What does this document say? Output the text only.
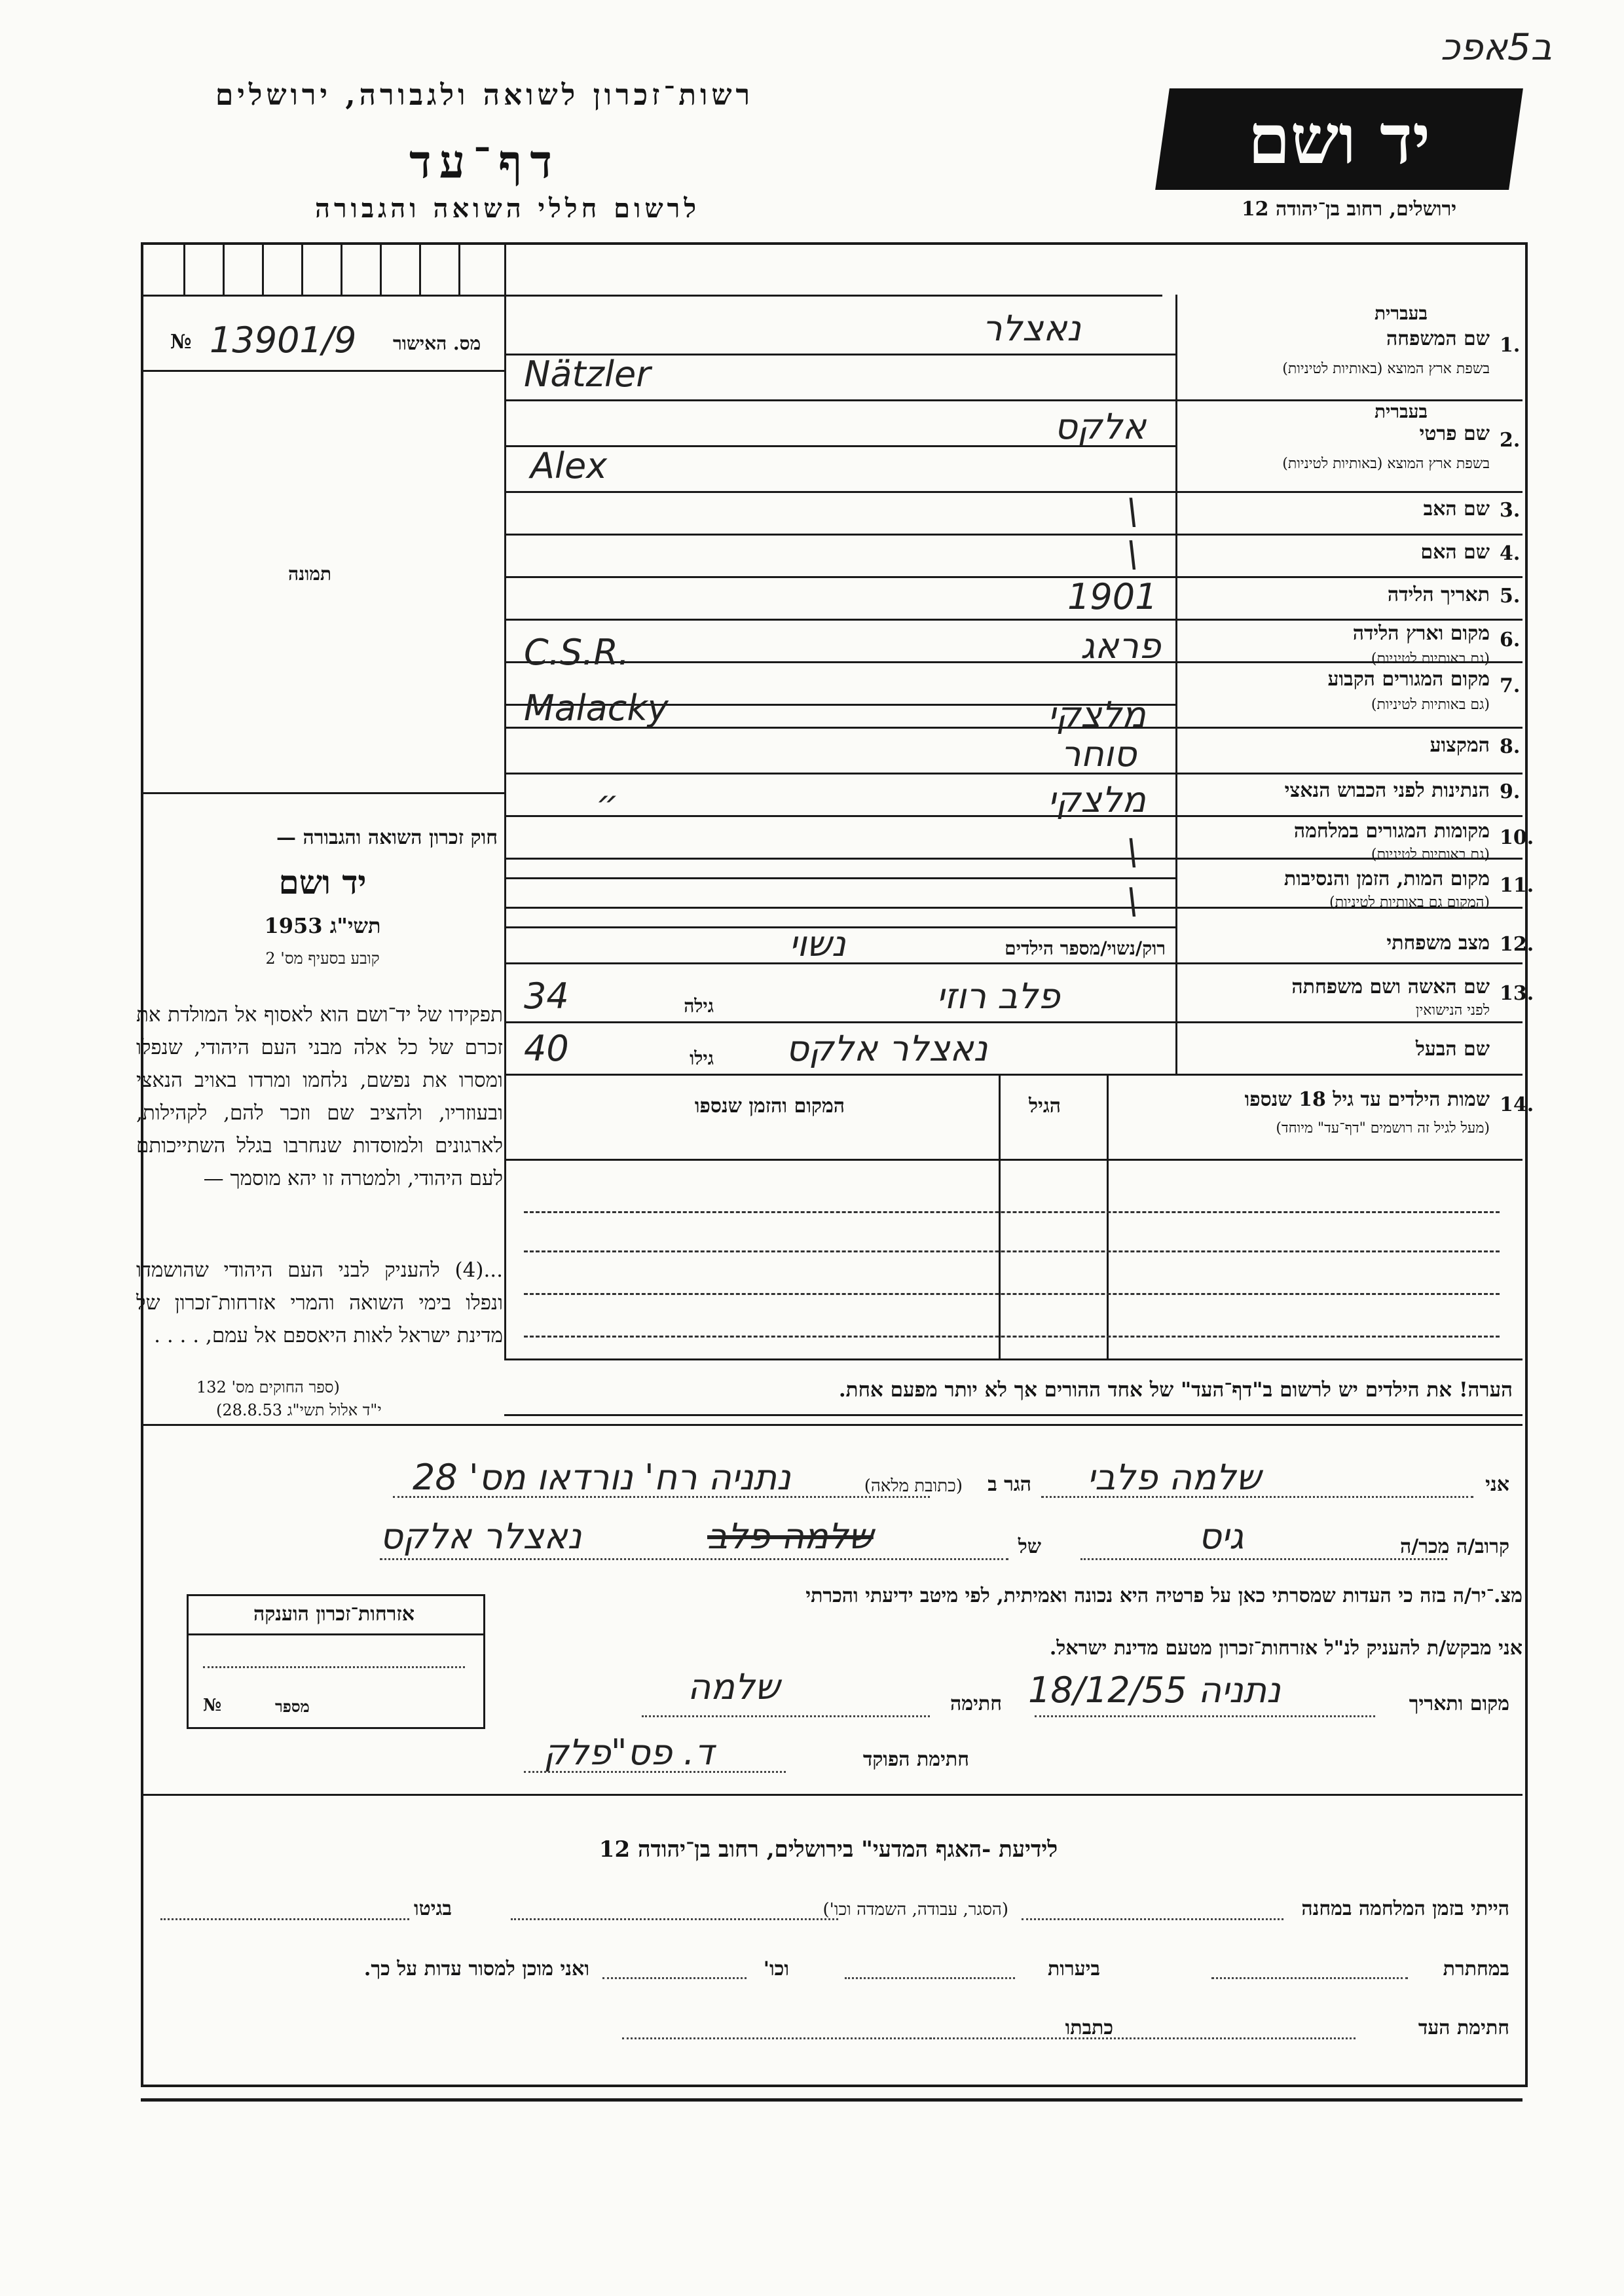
ב5אפכ
רשות־זכרון לשואה ולגבורה, ירושלים
דף־עד
לרשום חללי השואה והגבורה
יד ושם
ירושלים, רחוב בן־יהודה 12
№ 13901/9 מס. האישור
תמונה
חוק זכרון השואה והגבורה —
יד ושם
תשי"ג 1953
קובע בסעיף מס' 2
תפקידו של יד־ושם הוא לאסוף אל המולדת את זכרם של כל אלה מבני העם היהודי, שנפלו ומסרו את נפשם, נלחמו ומרדו באויב הנאצי ובעוזריו, ולהציב שם וזכר להם, לקהילות, לארגונים ולמוסדות שנחרבו בגלל השתייכותם לעם היהודי, ולמטרה זו יהא מוסמך —
...(4) להעניק לבני העם היהודי שהושמדו ונפלו בימי השואה והמרי אזרחות־זכרון של מדינת ישראל לאות היאספם אל עמם, . . . .
(ספר החוקים מס' 132
י"ד אלול תשי"ג 28.8.53)
1.
שם המשפחה
בשפת ארץ המוצא (באותיות לטיניות)
בעברית
נאצלר
Nätzler
2.
שם פרטי
בשפת ארץ המוצא (באותיות לטיניות)
בעברית
אלקס
Alex
3.
שם האב
\
4.
שם האם
\
5.
תאריך הלידה
1901
6.
מקום וארץ הלידה
(גם באותיות לטיניות)
פראג
C.S.R.
7.
מקום המגורים הקבוע
(גם באותיות לטיניות)
מלצקי
Malacky
8.
המקצוע
סוחר
9.
הנתינות לפני הכבוש הנאצי
מלצקי
״
10.
מקומות המגורים במלחמה
(גם באותיות לטיניות)
\
11.
מקום המות, הזמן והנסיבות
(המקום גם באותיות לטיניות)
\
12.
מצב משפחתי
רוק/נשוי/מספר הילדים
נשוי
13.
שם האשה ושם משפחתה
לפני הנישואין
פלב רוזי
גילה
34
שם הבעל
נאצלר אלקס
גילו
40
14.
שמות הילדים עד גיל 18 שנספו
(מעל לגיל זה רושמים "דף־עד" מיוחד)
הגיל
המקום והזמן שנספו
הערה! את הילדים יש לרשום ב"דף־העד" של אחד ההורים אך לא יותר מפעם אחת.
אני
שלמה פלבי
הגר ב
(כתובת מלאה)
נתניה רח' נורדאו מס' 28
קרוב/ה מכר/ה
גיס
של
שלמה פלב
נאצלר אלקס
מצ.־יר/ה בזה כי העדות שמסרתי כאן על פרטיה היא נכונה ואמיתית, לפי מיטב ידיעתי והכרתי
אני מבקש/ת להעניק לנ"ל אזרחות־זכרון מטעם מדינת ישראל.
מקום ותאריך
נתניה 18/12/55
חתימה
שלמה
חתימת הפוקד
ד. פס"פלק
אזרחות־זכרון הוענקה
№	מספר
לידיעת -האגף המדעי" בירושלים, רחוב בן־יהודה 12
הייתי בזמן המלחמה במחנה
(הסגר, עבודה, השמדה וכו')
בגיטו
במחתרת
ביערות
וכו'
ואני מוכן למסור עדות על כך.
חתימת העד
כתבתו
